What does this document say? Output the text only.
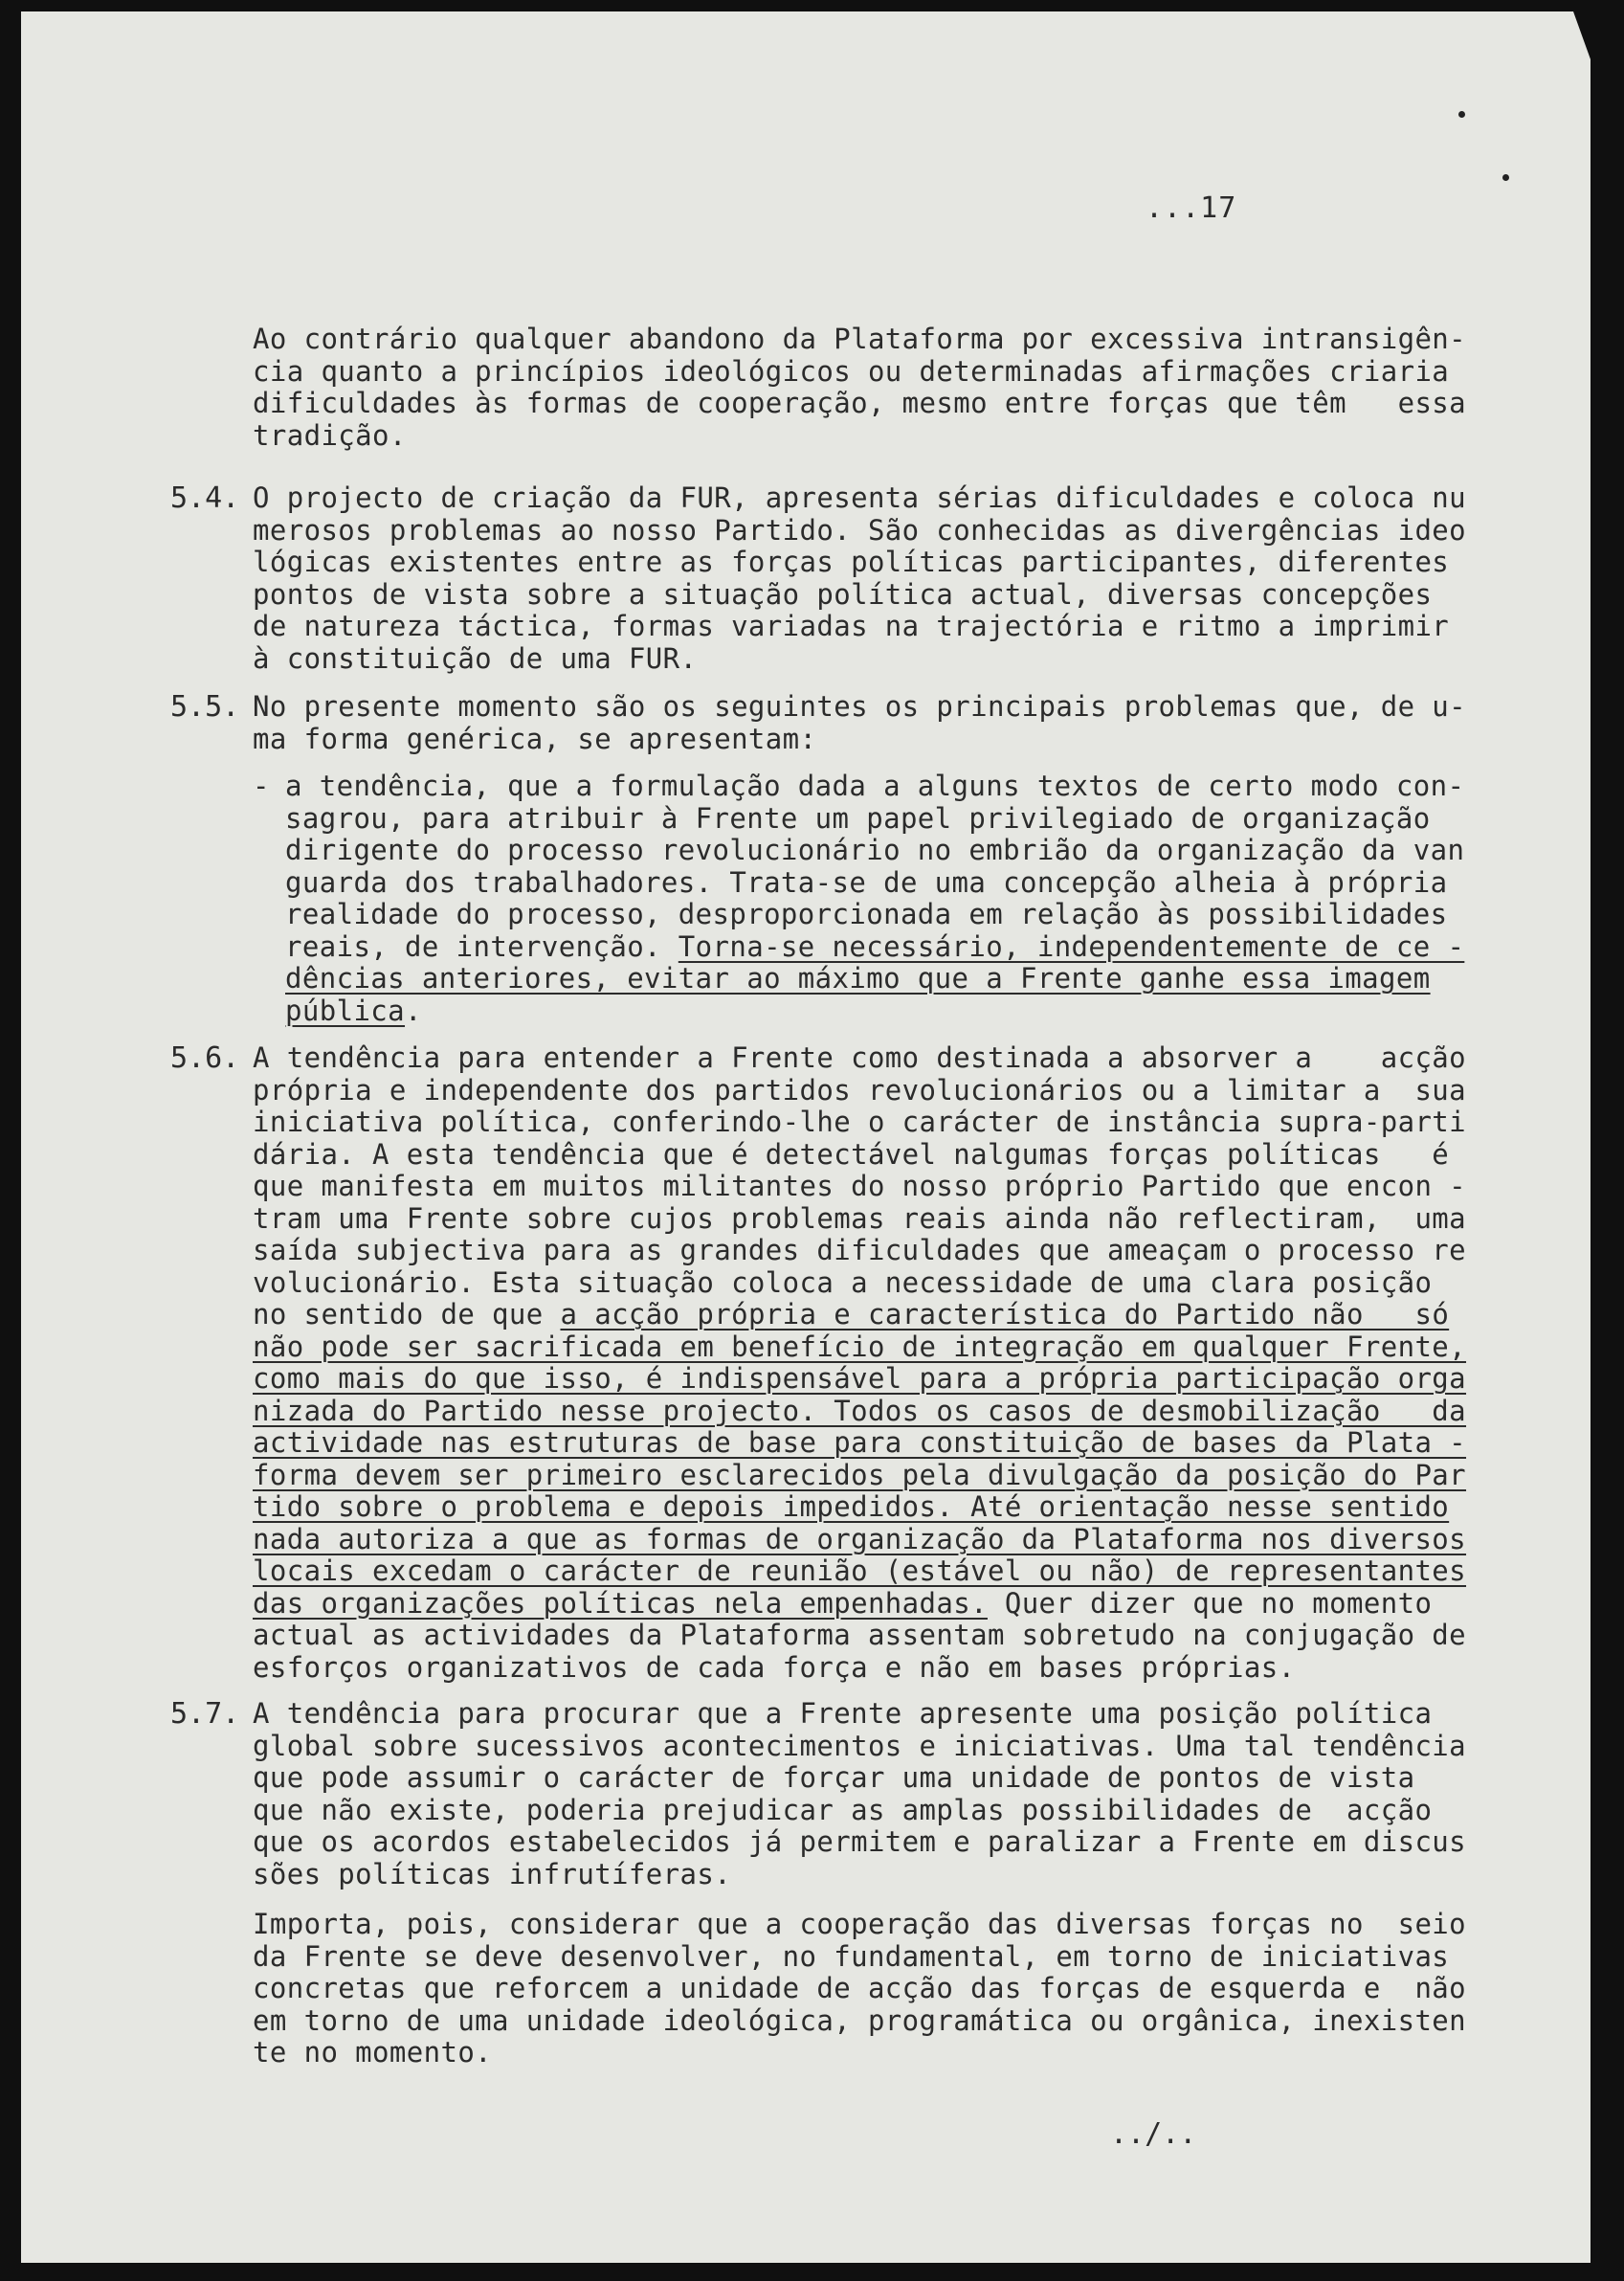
...17
Ao contrário qualquer abandono da Plataforma por excessiva intransigên-
cia quanto a princípios ideológicos ou determinadas afirmações criaria
dificuldades às formas de cooperação, mesmo entre forças que têm   essa
tradição.
5.4. O projecto de criação da FUR, apresenta sérias dificuldades e coloca nu
merosos problemas ao nosso Partido. São conhecidas as divergências ideo
lógicas existentes entre as forças políticas participantes, diferentes
pontos de vista sobre a situação política actual, diversas concepções
de natureza táctica, formas variadas na trajectória e ritmo a imprimir
à constituição de uma FUR.
5.5. No presente momento são os seguintes os principais problemas que, de u-
ma forma genérica, se apresentam:
- a tendência, que a formulação dada a alguns textos de certo modo con-
sagrou, para atribuir à Frente um papel privilegiado de organização
dirigente do processo revolucionário no embrião da organização da van
guarda dos trabalhadores. Trata-se de uma concepção alheia à própria
realidade do processo, desproporcionada em relação às possibilidades
reais, de intervenção. Torna-se necessário, independentemente de ce -
dências anteriores, evitar ao máximo que a Frente ganhe essa imagem
pública.
5.6. A tendência para entender a Frente como destinada a absorver a    acção
própria e independente dos partidos revolucionários ou a limitar a  sua
iniciativa política, conferindo-lhe o carácter de instância supra-parti
dária. A esta tendência que é detectável nalgumas forças políticas   é
que manifesta em muitos militantes do nosso próprio Partido que encon -
tram uma Frente sobre cujos problemas reais ainda não reflectiram,  uma
saída subjectiva para as grandes dificuldades que ameaçam o processo re
volucionário. Esta situação coloca a necessidade de uma clara posição
no sentido de que a acção própria e característica do Partido não   só
não pode ser sacrificada em benefício de integração em qualquer Frente,
como mais do que isso, é indispensável para a própria participação orga
nizada do Partido nesse projecto. Todos os casos de desmobilização   da
actividade nas estruturas de base para constituição de bases da Plata -
forma devem ser primeiro esclarecidos pela divulgação da posição do Par
tido sobre o problema e depois impedidos. Até orientação nesse sentido
nada autoriza a que as formas de organização da Plataforma nos diversos
locais excedam o carácter de reunião (estável ou não) de representantes
das organizações políticas nela empenhadas. Quer dizer que no momento
actual as actividades da Plataforma assentam sobretudo na conjugação de
esforços organizativos de cada força e não em bases próprias.
5.7. A tendência para procurar que a Frente apresente uma posição política
global sobre sucessivos acontecimentos e iniciativas. Uma tal tendência
que pode assumir o carácter de forçar uma unidade de pontos de vista
que não existe, poderia prejudicar as amplas possibilidades de  acção
que os acordos estabelecidos já permitem e paralizar a Frente em discus
sões políticas infrutíferas.
Importa, pois, considerar que a cooperação das diversas forças no  seio
da Frente se deve desenvolver, no fundamental, em torno de iniciativas
concretas que reforcem a unidade de acção das forças de esquerda e  não
em torno de uma unidade ideológica, programática ou orgânica, inexisten
te no momento.
../..
